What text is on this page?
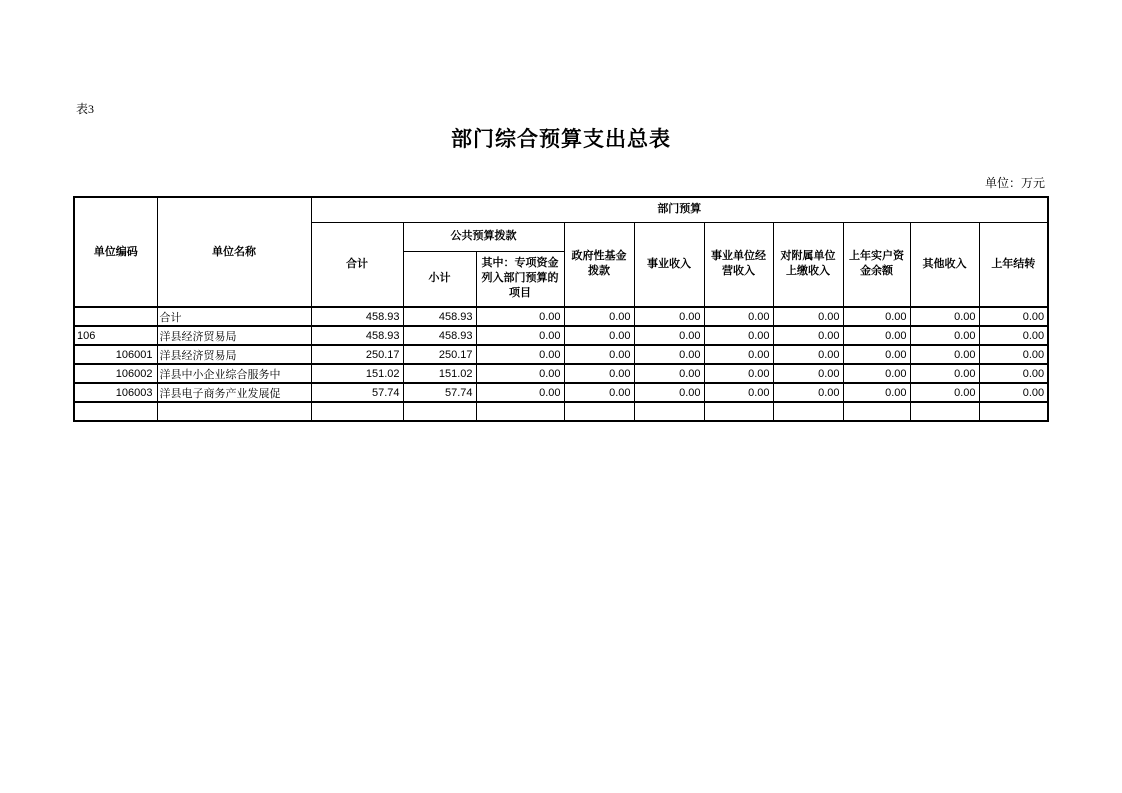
表3
部门综合预算支出总表
单位：万元
单位编码	单位名称	部门预算									
		合计	公共预算拨款		政府性基金拨款	事业收入	事业单位经营收入	对附属单位上缴收入	上年实户资金余额	其他收入	上年结转
			小计	其中：专项资金列入部门预算的项目							
	合计	458.93	458.93	0.00	0.00	0.00	0.00	0.00	0.00	0.00	0.00
106	洋县经济贸易局	458.93	458.93	0.00	0.00	0.00	0.00	0.00	0.00	0.00	0.00
106001	洋县经济贸易局	250.17	250.17	0.00	0.00	0.00	0.00	0.00	0.00	0.00	0.00
106002	洋县中小企业综合服务中	151.02	151.02	0.00	0.00	0.00	0.00	0.00	0.00	0.00	0.00
106003	洋县电子商务产业发展促	57.74	57.74	0.00	0.00	0.00	0.00	0.00	0.00	0.00	0.00
